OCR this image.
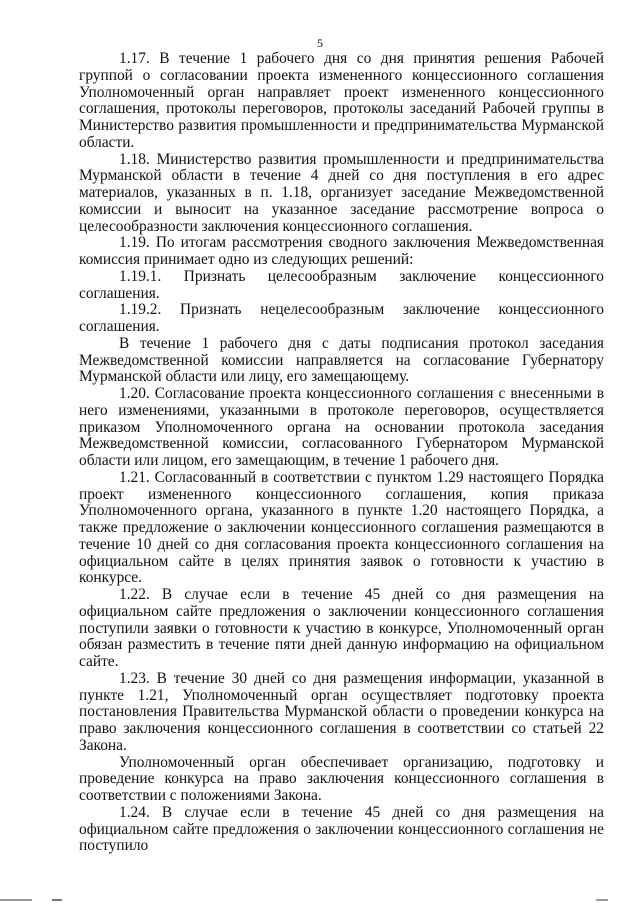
5

1.17. В течение 1 рабочего дня со дня принятия решения Рабочей группой о согласовании проекта измененного концессионного соглашения Уполномоченный орган направляет проект измененного концессионного соглашения, протоколы переговоров, протоколы заседаний Рабочей группы в Министерство развития промышленности и предпринимательства Мурманской области.

1.18. Министерство развития промышленности и предпринимательства Мурманской области в течение 4 дней со дня поступления в его адрес материалов, указанных в п. 1.18, организует заседание Межведомственной комиссии и выносит на указанное заседание рассмотрение вопроса о целесообразности заключения концессионного соглашения.

1.19. По итогам рассмотрения сводного заключения Межведомственная комиссия принимает одно из следующих решений:

1.19.1. Признать целесообразным заключение концессионного соглашения.

1.19.2. Признать нецелесообразным заключение концессионного соглашения.

В течение 1 рабочего дня с даты подписания протокол заседания Межведомственной комиссии направляется на согласование Губернатору Мурманской области или лицу, его замещающему.

1.20. Согласование проекта концессионного соглашения с внесенными в него изменениями, указанными в протоколе переговоров, осуществляется приказом Уполномоченного органа на основании протокола заседания Межведомственной комиссии, согласованного Губернатором Мурманской области или лицом, его замещающим, в течение 1 рабочего дня.

1.21. Согласованный в соответствии с пунктом 1.29 настоящего Порядка проект измененного концессионного соглашения, копия приказа Уполномоченного органа, указанного в пункте 1.20 настоящего Порядка, а также предложение о заключении концессионного соглашения размещаются в течение 10 дней со дня согласования проекта концессионного соглашения на официальном сайте в целях принятия заявок о готовности к участию в конкурсе.

1.22. В случае если в течение 45 дней со дня размещения на официальном сайте предложения о заключении концессионного соглашения поступили заявки о готовности к участию в конкурсе, Уполномоченный орган обязан разместить в течение пяти дней данную информацию на официальном сайте.

1.23. В течение 30 дней со дня размещения информации, указанной в пункте 1.21, Уполномоченный орган осуществляет подготовку проекта постановления Правительства Мурманской области о проведении конкурса на право заключения концессионного соглашения в соответствии со статьей 22 Закона.

Уполномоченный орган обеспечивает организацию, подготовку и проведение конкурса на право заключения концессионного соглашения в соответствии с положениями Закона.

1.24. В случае если в течение 45 дней со дня размещения на официальном сайте предложения о заключении концессионного соглашения не поступило
